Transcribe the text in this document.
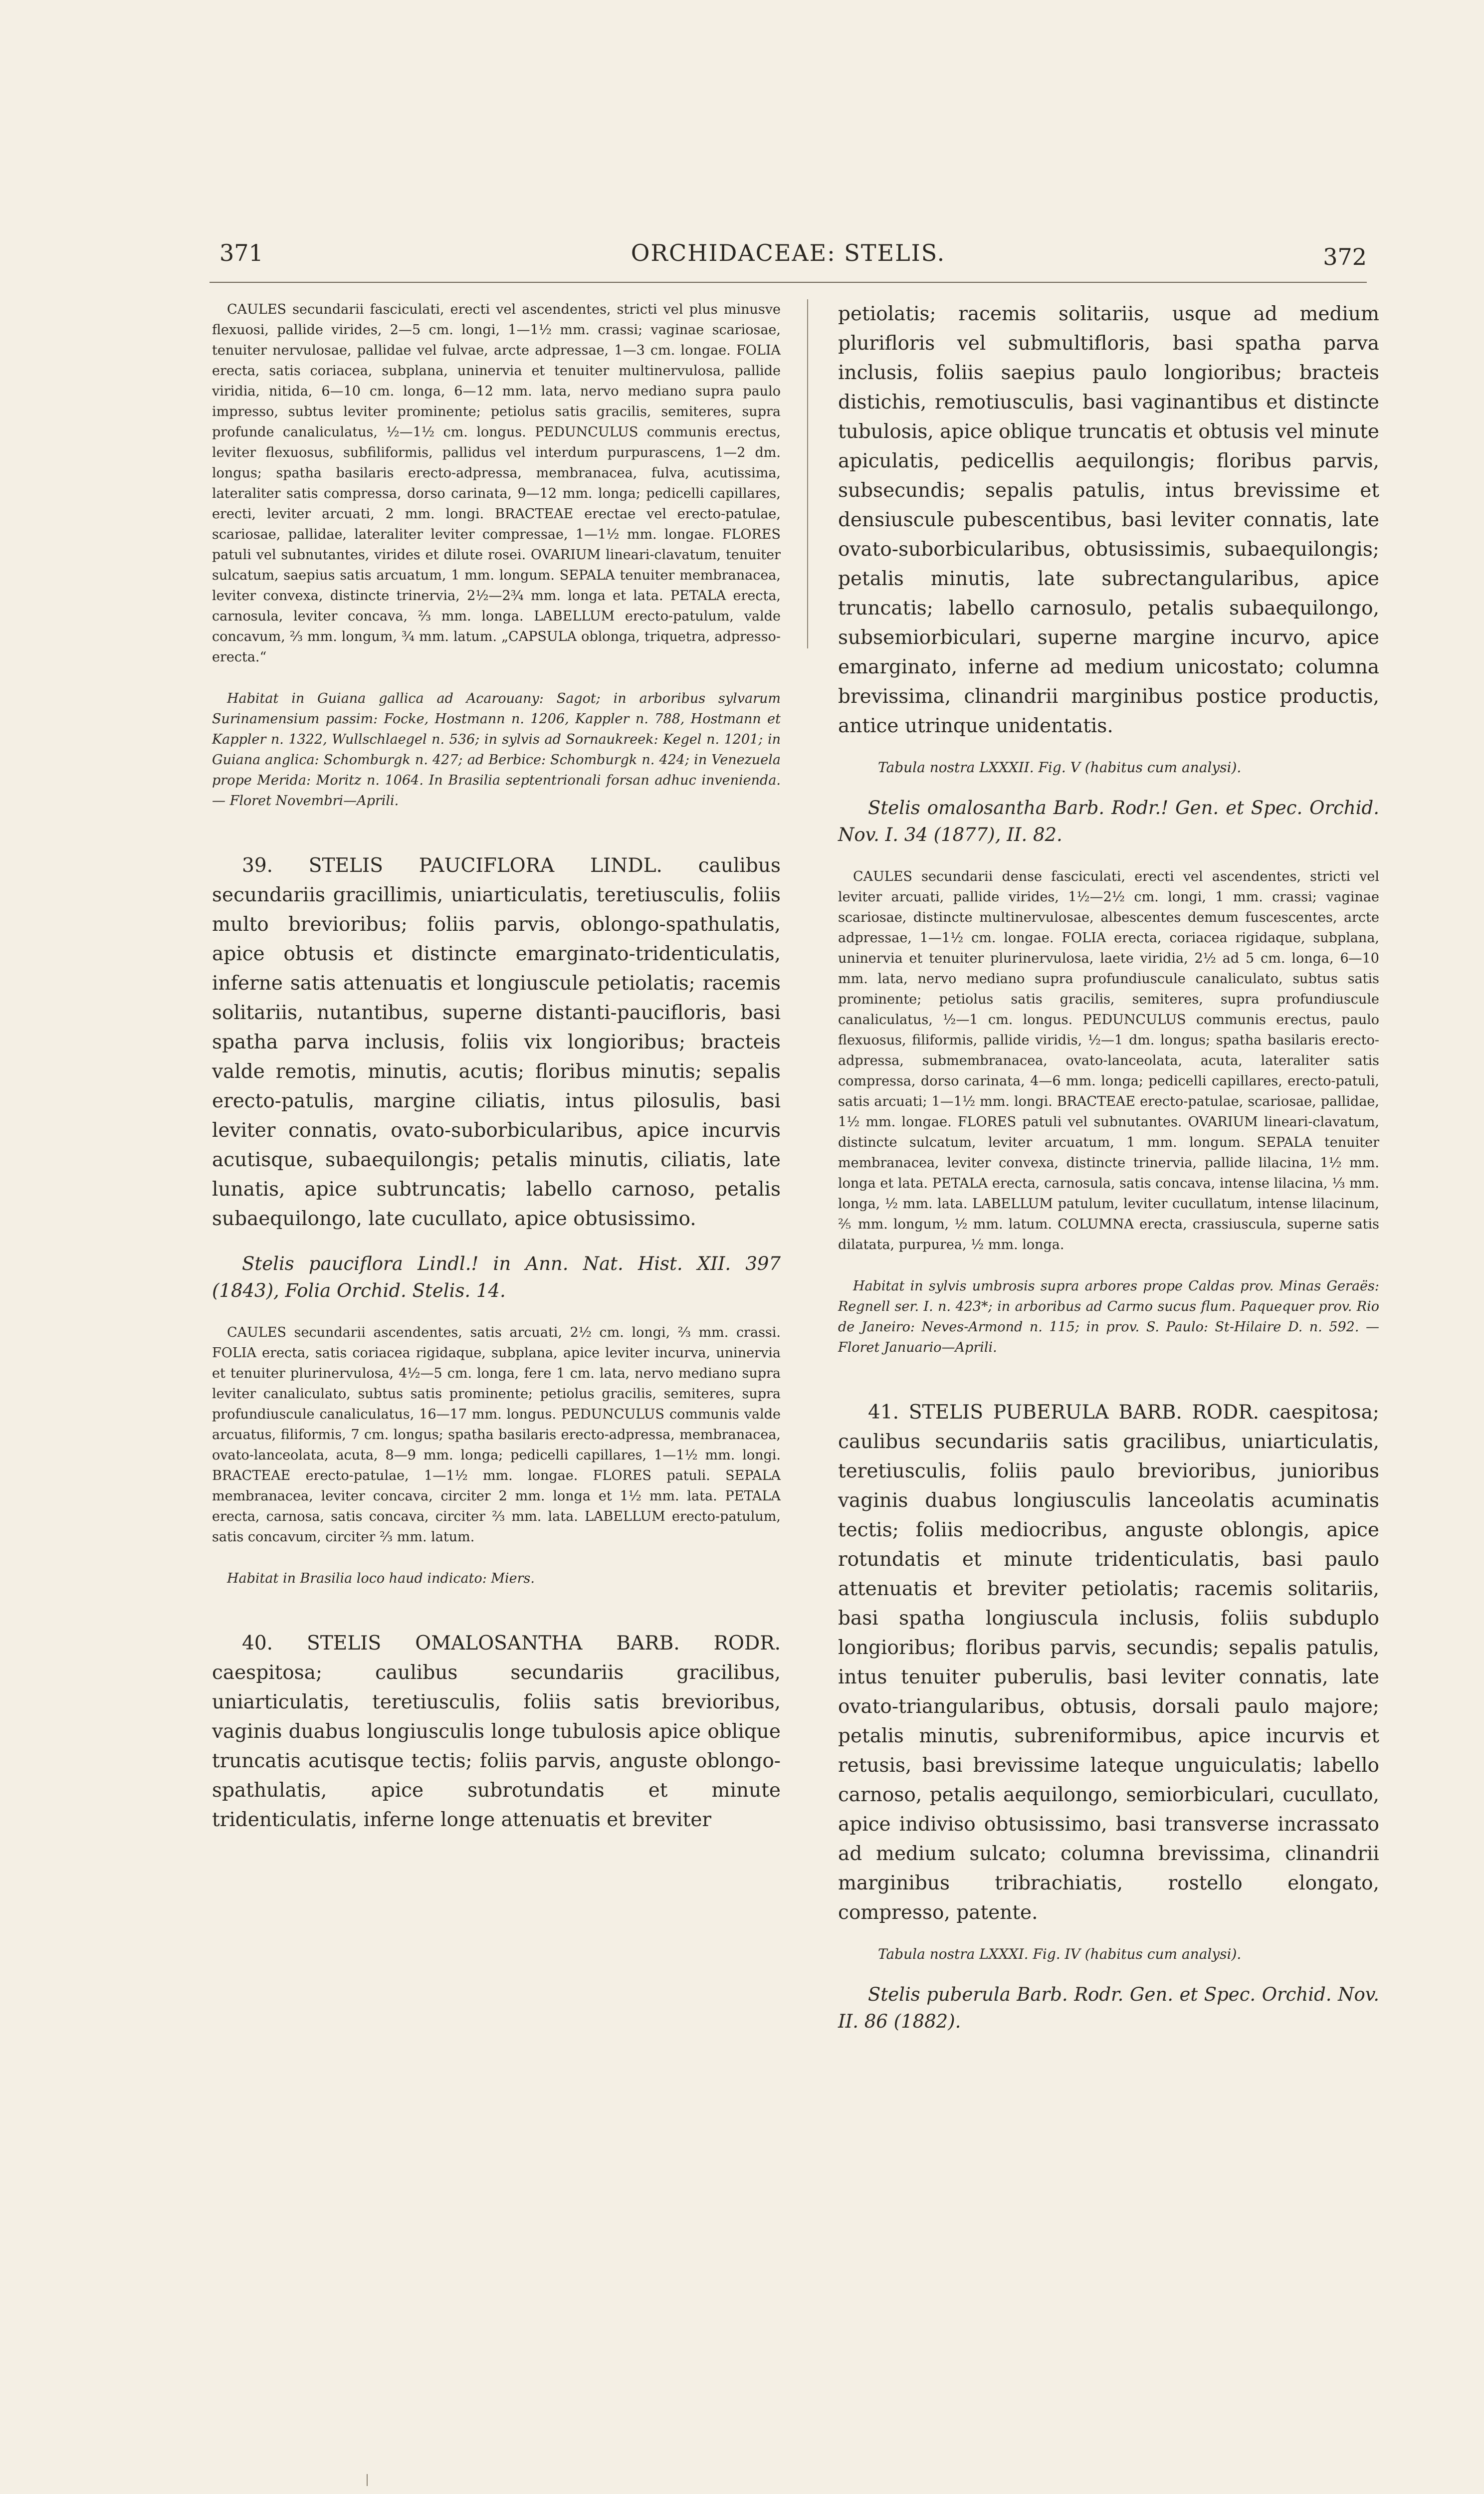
371	ORCHIDACEAE: STELIS.	372

CAULES secundarii fasciculati, erecti vel ascendentes, stricti vel plus minusve flexuosi, pallide virides, 2—5 cm. longi, 1—1½ mm. crassi; vaginae scariosae, tenuiter nervulosae, pallidae vel fulvae, arcte adpressae, 1—3 cm. longae. FOLIA erecta, satis coriacea, subplana, uninervia et tenuiter multinervulosa, pallide viridia, nitida, 6—10 cm. longa, 6—12 mm. lata, nervo mediano supra paulo impresso, subtus leviter prominente; petiolus satis gracilis, semiteres, supra profunde canaliculatus, ½—1½ cm. longus. PEDUNCULUS communis erectus, leviter flexuosus, subfiliformis, pallidus vel interdum purpurascens, 1—2 dm. longus; spatha basilaris erecto-adpressa, membranacea, fulva, acutissima, lateraliter satis compressa, dorso carinata, 9—12 mm. longa; pedicelli capillares, erecti, leviter arcuati, 2 mm. longi. BRACTEAE erectae vel erecto-patulae, scariosae, pallidae, lateraliter leviter compressae, 1—1½ mm. longae. FLORES patuli vel subnutantes, virides et dilute rosei. OVARIUM lineari-clavatum, tenuiter sulcatum, saepius satis arcuatum, 1 mm. longum. SEPALA tenuiter membranacea, leviter convexa, distincte trinervia, 2½—2¾ mm. longa et lata. PETALA erecta, carnosula, leviter concava, ⅔ mm. longa. LABELLUM erecto-patulum, valde concavum, ⅔ mm. longum, ¾ mm. latum. „CAPSULA oblonga, triquetra, adpresso-erecta.“

Habitat in Guiana gallica ad Acarouany: Sagot; in arboribus sylvarum Surinamensium passim: Focke, Hostmann n. 1206, Kappler n. 788, Hostmann et Kappler n. 1322, Wullschlaegel n. 536; in sylvis ad Sornaukreek: Kegel n. 1201; in Guiana anglica: Schomburgk n. 427; ad Berbice: Schomburgk n. 424; in Venezuela prope Merida: Moritz n. 1064. In Brasilia septentrionali forsan adhuc invenienda. — Floret Novembri—Aprili.

39. STELIS PAUCIFLORA LINDL. caulibus secundariis gracillimis, uniarticulatis, teretiusculis, foliis multo brevioribus; foliis parvis, oblongo-spathulatis, apice obtusis et distincte emarginato-tridenticulatis, inferne satis attenuatis et longiuscule petiolatis; racemis solitariis, nutantibus, superne distanti-paucifloris, basi spatha parva inclusis, foliis vix longioribus; bracteis valde remotis, minutis, acutis; floribus minutis; sepalis erecto-patulis, margine ciliatis, intus pilosulis, basi leviter connatis, ovato-suborbicularibus, apice incurvis acutisque, subaequilongis; petalis minutis, ciliatis, late lunatis, apice subtruncatis; labello carnoso, petalis subaequilongo, late cucullato, apice obtusissimo.

Stelis pauciflora Lindl.! in Ann. Nat. Hist. XII. 397 (1843), Folia Orchid. Stelis. 14.

CAULES secundarii ascendentes, satis arcuati, 2½ cm. longi, ⅔ mm. crassi. FOLIA erecta, satis coriacea rigidaque, subplana, apice leviter incurva, uninervia et tenuiter plurinervulosa, 4½—5 cm. longa, fere 1 cm. lata, nervo mediano supra leviter canaliculato, subtus satis prominente; petiolus gracilis, semiteres, supra profundiuscule canaliculatus, 16—17 mm. longus. PEDUNCULUS communis valde arcuatus, filiformis, 7 cm. longus; spatha basilaris erecto-adpressa, membranacea, ovato-lanceolata, acuta, 8—9 mm. longa; pedicelli capillares, 1—1½ mm. longi. BRACTEAE erecto-patulae, 1—1½ mm. longae. FLORES patuli. SEPALA membranacea, leviter concava, circiter 2 mm. longa et 1½ mm. lata. PETALA erecta, carnosa, satis concava, circiter ⅔ mm. lata. LABELLUM erecto-patulum, satis concavum, circiter ⅔ mm. latum.

Habitat in Brasilia loco haud indicato: Miers.

40. STELIS OMALOSANTHA BARB. RODR. caespitosa; caulibus secundariis gracilibus, uniarticulatis, teretiusculis, foliis satis brevioribus, vaginis duabus longiusculis longe tubulosis apice oblique truncatis acutisque tectis; foliis parvis, anguste oblongo-spathulatis, apice subrotundatis et minute tridenticulatis, inferne longe attenuatis et breviter

petiolatis; racemis solitariis, usque ad medium plurifloris vel submultifloris, basi spatha parva inclusis, foliis saepius paulo longioribus; bracteis distichis, remotiusculis, basi vaginantibus et distincte tubulosis, apice oblique truncatis et obtusis vel minute apiculatis, pedicellis aequilongis; floribus parvis, subsecundis; sepalis patulis, intus brevissime et densiuscule pubescentibus, basi leviter connatis, late ovato-suborbicularibus, obtusissimis, subaequilongis; petalis minutis, late subrectangularibus, apice truncatis; labello carnosulo, petalis subaequilongo, subsemiorbiculari, superne margine incurvo, apice emarginato, inferne ad medium unicostato; columna brevissima, clinandrii marginibus postice productis, antice utrinque unidentatis.

Tabula nostra LXXXII. Fig. V (habitus cum analysi).

Stelis omalosantha Barb. Rodr.! Gen. et Spec. Orchid. Nov. I. 34 (1877), II. 82.

CAULES secundarii dense fasciculati, erecti vel ascendentes, stricti vel leviter arcuati, pallide virides, 1½—2½ cm. longi, 1 mm. crassi; vaginae scariosae, distincte multinervulosae, albescentes demum fuscescentes, arcte adpressae, 1—1½ cm. longae. FOLIA erecta, coriacea rigidaque, subplana, uninervia et tenuiter plurinervulosa, laete viridia, 2½ ad 5 cm. longa, 6—10 mm. lata, nervo mediano supra profundiuscule canaliculato, subtus satis prominente; petiolus satis gracilis, semiteres, supra profundiuscule canaliculatus, ½—1 cm. longus. PEDUNCULUS communis erectus, paulo flexuosus, filiformis, pallide viridis, ½—1 dm. longus; spatha basilaris erecto-adpressa, submembranacea, ovato-lanceolata, acuta, lateraliter satis compressa, dorso carinata, 4—6 mm. longa; pedicelli capillares, erecto-patuli, satis arcuati; 1—1½ mm. longi. BRACTEAE erecto-patulae, scariosae, pallidae, 1½ mm. longae. FLORES patuli vel subnutantes. OVARIUM lineari-clavatum, distincte sulcatum, leviter arcuatum, 1 mm. longum. SEPALA tenuiter membranacea, leviter convexa, distincte trinervia, pallide lilacina, 1½ mm. longa et lata. PETALA erecta, carnosula, satis concava, intense lilacina, ⅓ mm. longa, ½ mm. lata. LABELLUM patulum, leviter cucullatum, intense lilacinum, ⅖ mm. longum, ½ mm. latum. COLUMNA erecta, crassiuscula, superne satis dilatata, purpurea, ½ mm. longa.

Habitat in sylvis umbrosis supra arbores prope Caldas prov. Minas Geraës: Regnell ser. I. n. 423*; in arboribus ad Carmo sucus flum. Paquequer prov. Rio de Janeiro: Neves-Armond n. 115; in prov. S. Paulo: St-Hilaire D. n. 592. — Floret Januario—Aprili.

41. STELIS PUBERULA BARB. RODR. caespitosa; caulibus secundariis satis gracilibus, uniarticulatis, teretiusculis, foliis paulo brevioribus, junioribus vaginis duabus longiusculis lanceolatis acuminatis tectis; foliis mediocribus, anguste oblongis, apice rotundatis et minute tridenticulatis, basi paulo attenuatis et breviter petiolatis; racemis solitariis, basi spatha longiuscula inclusis, foliis subduplo longioribus; floribus parvis, secundis; sepalis patulis, intus tenuiter puberulis, basi leviter connatis, late ovato-triangularibus, obtusis, dorsali paulo majore; petalis minutis, subreniformibus, apice incurvis et retusis, basi brevissime lateque unguiculatis; labello carnoso, petalis aequilongo, semiorbiculari, cucullato, apice indiviso obtusissimo, basi transverse incrassato ad medium sulcato; columna brevissima, clinandrii marginibus tribrachiatis, rostello elongato, compresso, patente.

Tabula nostra LXXXI. Fig. IV (habitus cum analysi).

Stelis puberula Barb. Rodr. Gen. et Spec. Orchid. Nov. II. 86 (1882).
